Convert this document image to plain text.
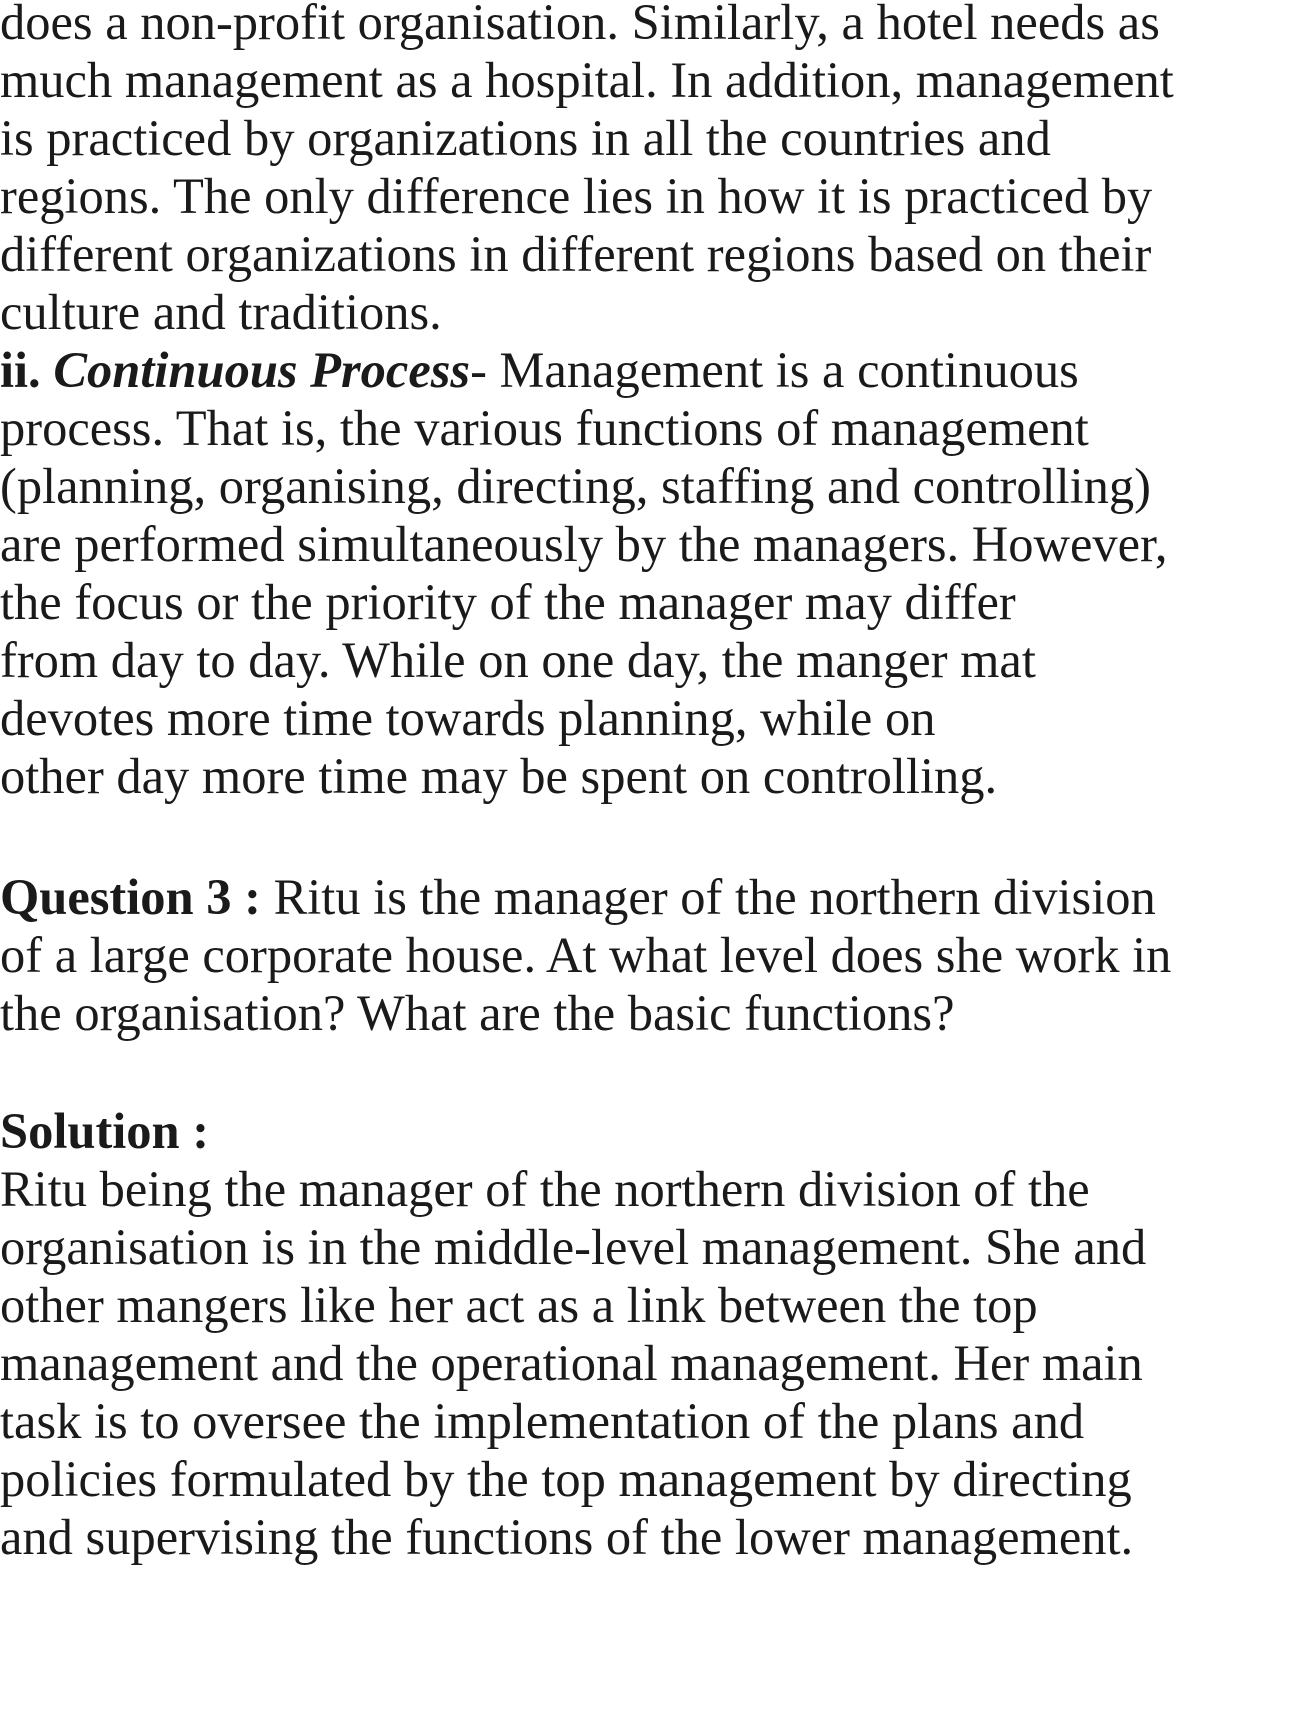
does a non-profit organisation. Similarly, a hotel needs as
much management as a hospital. In addition, management
is practiced by organizations in all the countries and
regions. The only difference lies in how it is practiced by
different organizations in different regions based on their
culture and traditions.
ii. Continuous Process- Management is a continuous
process. That is, the various functions of management
(planning, organising, directing, staffing and controlling)
are performed simultaneously by the managers. However,
the focus or the priority of the manager may differ
from day to day. While on one day, the manger mat
devotes more time towards planning, while on
other day more time may be spent on controlling.
Question 3 : Ritu is the manager of the northern division
of a large corporate house. At what level does she work in
the organisation? What are the basic functions?
Solution :
Ritu being the manager of the northern division of the
organisation is in the middle-level management. She and
other mangers like her act as a link between the top
management and the operational management. Her main
task is to oversee the implementation of the plans and
policies formulated by the top management by directing
and supervising the functions of the lower management.
